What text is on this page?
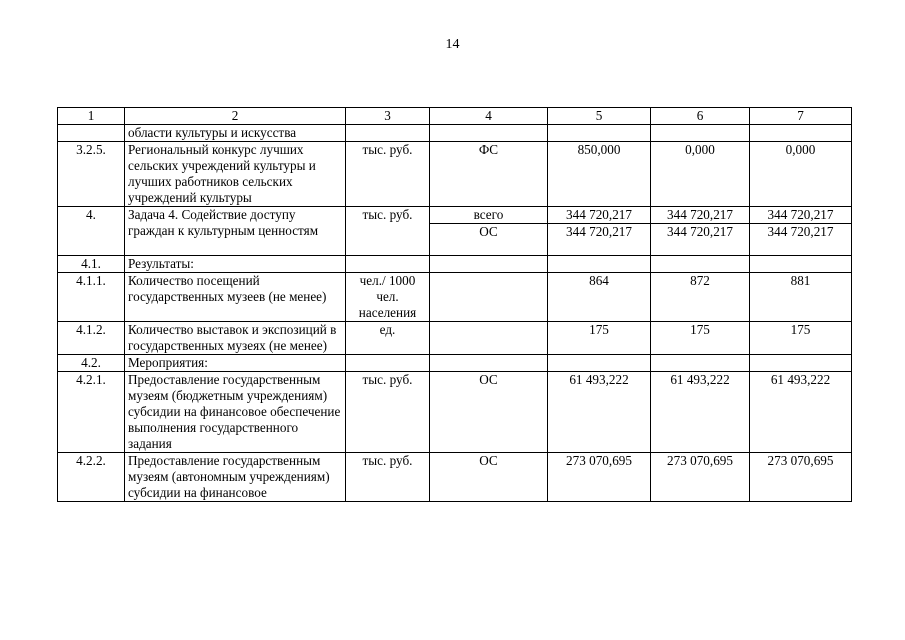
14
1	2	3	4	5	6	7
	области культуры и искусства					
3.2.5.	Региональный конкурс лучших сельских учреждений культуры и лучших работников сельских учреждений культуры	тыс. руб.	ФС	850,000	0,000	0,000
4.	Задача 4. Содействие доступу граждан к культурным ценностям	тыс. руб.	всего	344 720,217	344 720,217	344 720,217
			ОС	344 720,217	344 720,217	344 720,217
4.1.	Результаты:					
4.1.1.	Количество посещений государственных музеев (не менее)	чел./ 1000 чел. населения		864	872	881
4.1.2.	Количество выставок и экспозиций в государственных музеях (не менее)	ед.		175	175	175
4.2.	Мероприятия:					
4.2.1.	Предоставление государственным музеям (бюджетным учреждениям) субсидии на финансовое обеспечение выполнения государственного задания	тыс. руб.	ОС	61 493,222	61 493,222	61 493,222
4.2.2.	Предоставление государственным музеям (автономным учреждениям) субсидии на финансовое	тыс. руб.	ОС	273 070,695	273 070,695	273 070,695
